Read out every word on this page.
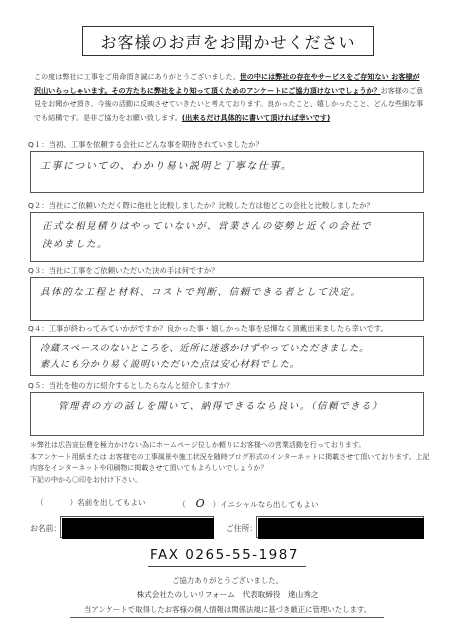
お客様のお声をお聞かせください
この度は弊社に工事をご用命頂き誠にありがとうございました。世の中には弊社の存在やサービスをご存知ない お客様が沢山いらっしゃいます。その方たちに弊社をより知って頂くためのアンケートにご協力頂けないでしょうか？お客様のご意見をお聞かせ頂き、今後の活動に反映させていきたいと考えております。良かったこと、嬉しかったこと、どんな些細な事でも結構です。是非ご協力をお願い致します。(出来るだけ具体的に書いて頂ければ幸いです)
Q１：当初、工事を依頼する会社にどんな事を期待されていましたか？
工事についての、わかり易い説明と丁寧な仕事。
Q２：当社にご依頼いただく際に他社と比較しましたか？比較した方は他どこの会社と比較しましたか？
正式な相見積りはやっていないが、営業さんの姿勢と近くの会社で
決めました。
Q３：当社に工事をご依頼いただいた決め手は何ですか？
具体的な工程と材料、コストで判断、信頼できる者として決定。
Q４：工事が終わってみていかがですか？良かった事・嬉しかった事を忌憚なく頂戴出来ましたら幸いです。
冷蔵スペースのないところを、近所に迷惑かけずやっていただきました。
素人にも分かり易く説明いただいた点は安心材料でした。
Q５：当社を他の方に紹介するとしたらなんと紹介しますか？
管理者の方の話しを聞いて、納得できるなら良い。（信頼できる）
＊弊社は広告宣伝費を極力かけない為にホームページ位しか頼りにお客様への営業活動を行っております。
本アンケート用紙または お客様宅の工事風景や施工状況を随時ブログ形式のインターネットに掲載させて頂いております。上記内容をインターネットや印刷物に掲載させて頂いてもよろしいでしょうか？
下記の中から〇印をお付け下さい。
（	）名前を出してもよい	（ O ）イニシャルなら出してもよい
お名前：	ご住所：
FAX 0265-55-1987
ご協力ありがとうございました。
株式会社たのしいリフォーム　代表取締役　達山秀之
当アンケートで取得したお客様の個人情報は関係法規に基づき厳正に管理いたします。
